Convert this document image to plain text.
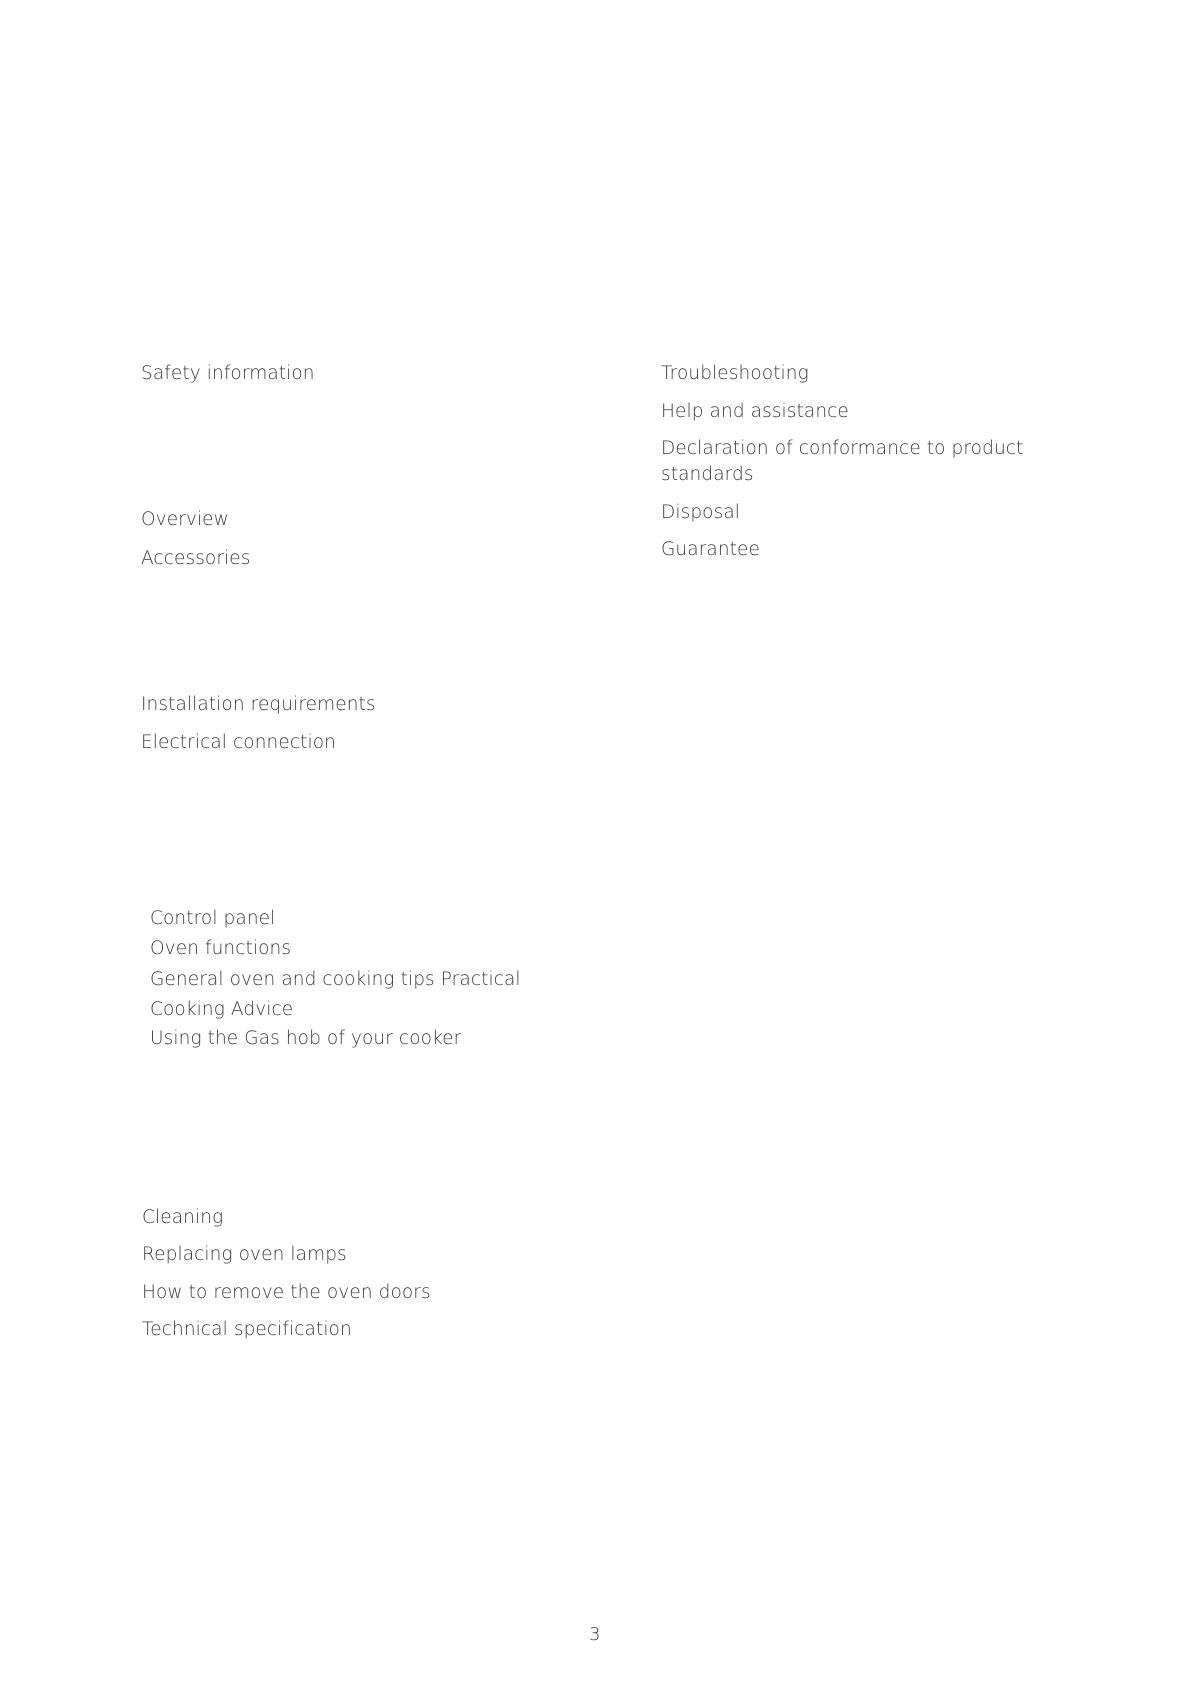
Safety information
Overview
Accessories
Installation requirements
Electrical connection
Control panel
Oven functions
General oven and cooking tips Practical
Cooking Advice
Using the Gas hob of your cooker
Cleaning
Replacing oven lamps
How to remove the oven doors
Technical specification
Troubleshooting
Help and assistance
Declaration of conformance to product standards
Disposal
Guarantee
3
